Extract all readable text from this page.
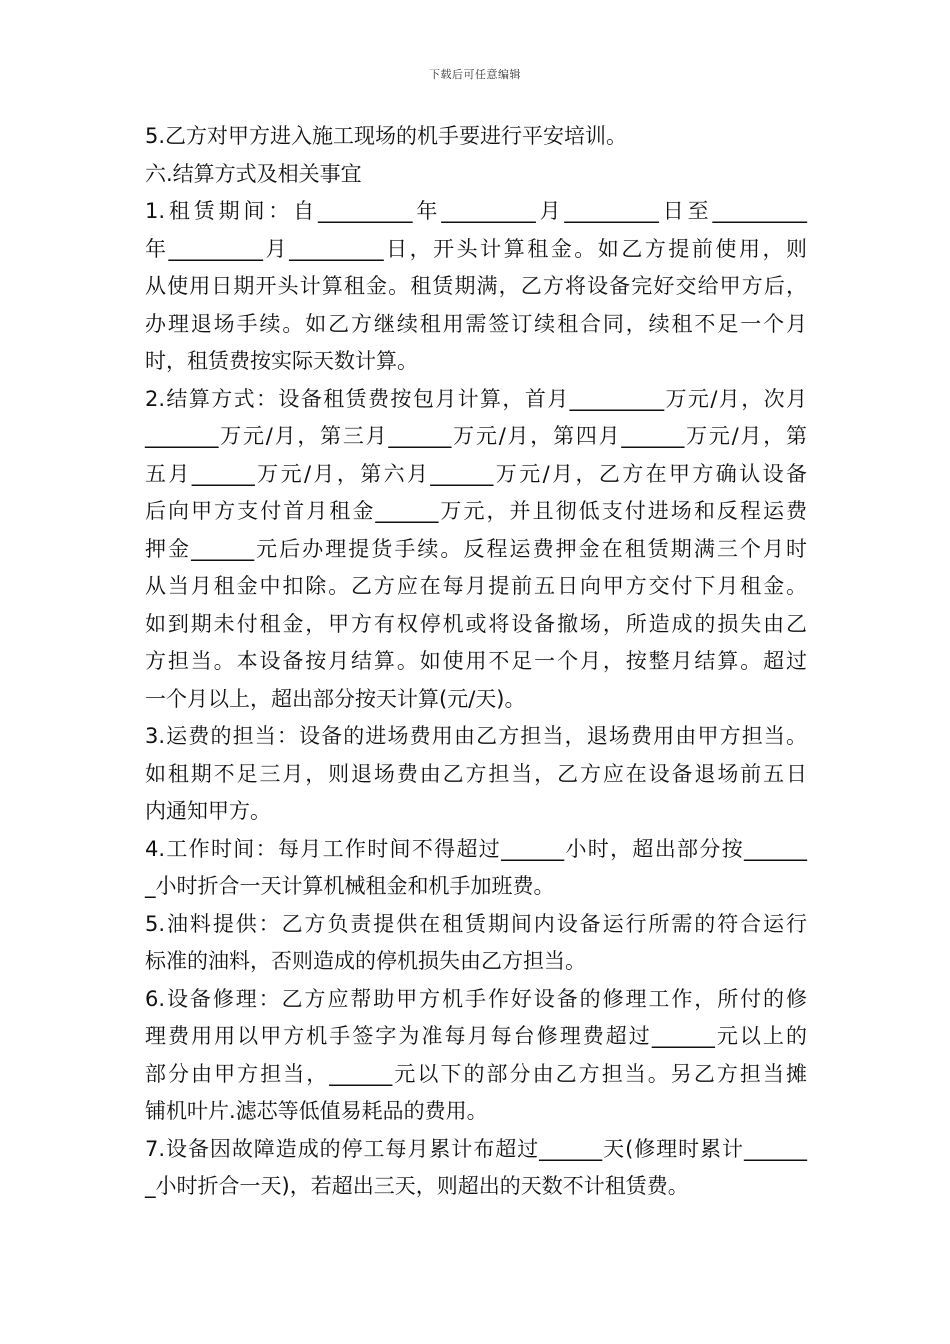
下载后可任意编辑
5.乙方对甲方进入施工现场的机手要进行平安培训。
六.结算方式及相关事宜
1.租赁期间：自_________年_________月_________日至_________
年_________月_________日，开头计算租金。如乙方提前使用，则
从使用日期开头计算租金。租赁期满，乙方将设备完好交给甲方后，
办理退场手续。如乙方继续租用需签订续租合同，续租不足一个月
时，租赁费按实际天数计算。
2.结算方式：设备租赁费按包月计算，首月_________万元/月，次月
_______万元/月，第三月______万元/月，第四月______万元/月，第
五月______万元/月，第六月______万元/月，乙方在甲方确认设备
后向甲方支付首月租金______万元，并且彻低支付进场和反程运费
押金______元后办理提货手续。反程运费押金在租赁期满三个月时
从当月租金中扣除。乙方应在每月提前五日向甲方交付下月租金。
如到期未付租金，甲方有权停机或将设备撤场，所造成的损失由乙
方担当。本设备按月结算。如使用不足一个月，按整月结算。超过
一个月以上，超出部分按天计算(元/天)。
3.运费的担当：设备的进场费用由乙方担当，退场费用由甲方担当。
如租期不足三月，则退场费由乙方担当，乙方应在设备退场前五日
内通知甲方。
4.工作时间：每月工作时间不得超过______小时，超出部分按______
_小时折合一天计算机械租金和机手加班费。
5.油料提供：乙方负责提供在租赁期间内设备运行所需的符合运行
标准的油料，否则造成的停机损失由乙方担当。
6.设备修理：乙方应帮助甲方机手作好设备的修理工作，所付的修
理费用用以甲方机手签字为准每月每台修理费超过______元以上的
部分由甲方担当，______元以下的部分由乙方担当。另乙方担当摊
铺机叶片.滤芯等低值易耗品的费用。
7.设备因故障造成的停工每月累计布超过______天(修理时累计______
_小时折合一天)，若超出三天，则超出的天数不计租赁费。
